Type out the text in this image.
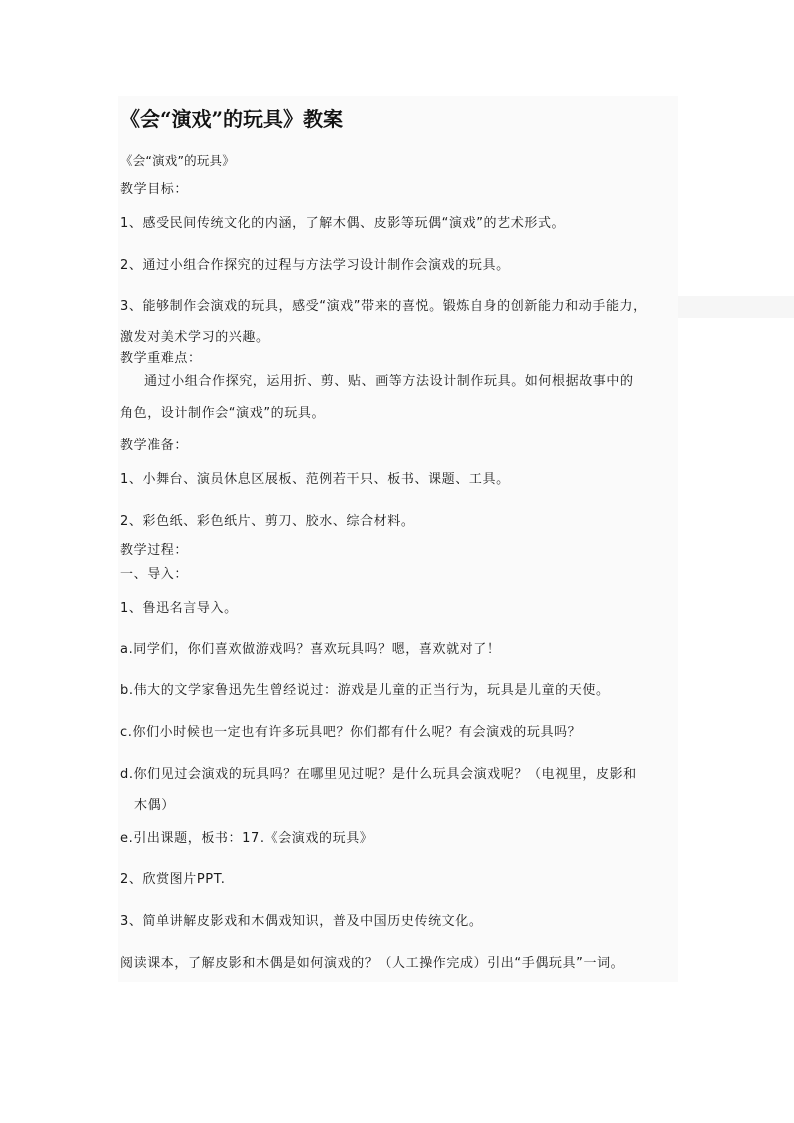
《会“演戏”的玩具》教案
《会“演戏”的玩具》
教学目标：
1、感受民间传统文化的内涵，了解木偶、皮影等玩偶“演戏”的艺术形式。
2、通过小组合作探究的过程与方法学习设计制作会演戏的玩具。
3、能够制作会演戏的玩具，感受“演戏”带来的喜悦。锻炼自身的创新能力和动手能力，
激发对美术学习的兴趣。
教学重难点：
通过小组合作探究，运用折、剪、贴、画等方法设计制作玩具。如何根据故事中的
角色，设计制作会“演戏”的玩具。
教学准备：
1、小舞台、演员休息区展板、范例若干只、板书、课题、工具。
2、彩色纸、彩色纸片、剪刀、胶水、综合材料。
教学过程：
一、导入：
1、鲁迅名言导入。
a.同学们，你们喜欢做游戏吗？喜欢玩具吗？嗯，喜欢就对了！
b.伟大的文学家鲁迅先生曾经说过：游戏是儿童的正当行为，玩具是儿童的天使。
c.你们小时候也一定也有许多玩具吧？你们都有什么呢？有会演戏的玩具吗？
d.你们见过会演戏的玩具吗？在哪里见过呢？是什么玩具会演戏呢？（电视里，皮影和
木偶）
e.引出课题，板书：17.《会演戏的玩具》
2、欣赏图片PPT.
3、简单讲解皮影戏和木偶戏知识，普及中国历史传统文化。
阅读课本，了解皮影和木偶是如何演戏的？（人工操作完成）引出“手偶玩具”一词。
